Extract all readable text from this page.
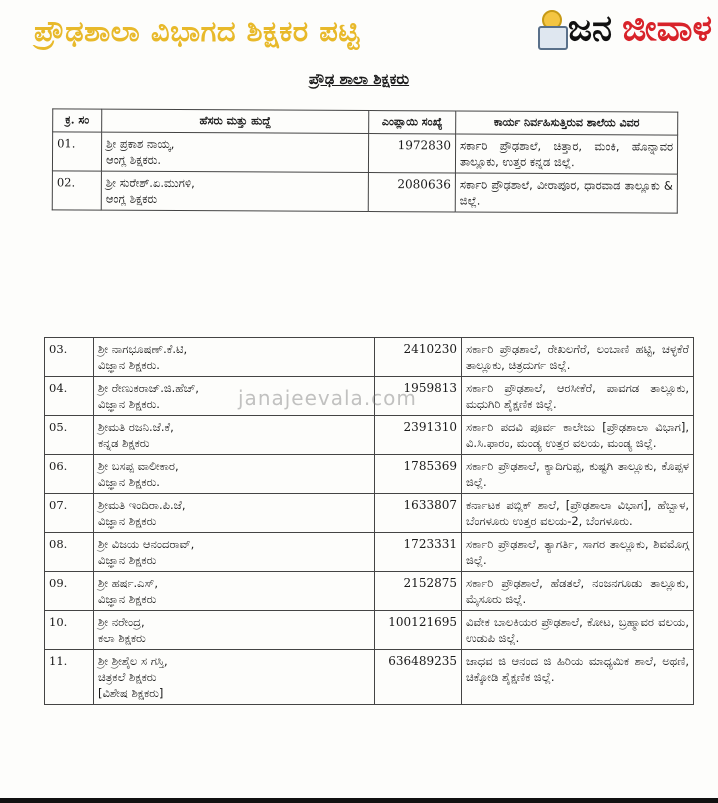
ಪ್ರೌಢಶಾಲಾ ವಿಭಾಗದ ಶಿಕ್ಷಕರ ಪಟ್ಟಿ	ಜನ ಜೀವಾಳ
ಪ್ರೌಢ ಶಾಲಾ ಶಿಕ್ಷಕರು
ಕ್ರ. ಸಂ	ಹೆಸರು ಮತ್ತು ಹುದ್ದೆ	ಎಂಪ್ಲಾಯಿ ಸಂಖ್ಯೆ	ಕಾರ್ಯ ನಿರ್ವಹಿಸುತ್ತಿರುವ ಶಾಲೆಯ ವಿವರ
01.	ಶ್ರೀ ಪ್ರಕಾಶ ನಾಯ್ಕ,
ಆಂಗ್ಲ ಶಿಕ್ಷಕರು.	1972830	ಸರ್ಕಾರಿ ಪ್ರೌಢಶಾಲೆ, ಚಿತ್ತಾರ, ಮಂಕಿ, ಹೊನ್ನಾವರ ತಾಲ್ಲೂಕು, ಉತ್ತರ ಕನ್ನಡ ಜಿಲ್ಲೆ.
02.	ಶ್ರೀ ಸುರೇಶ್.ಏ.ಮುಗಳಿ,
ಆಂಗ್ಲ ಶಿಕ್ಷಕರು	2080636	ಸರ್ಕಾರಿ ಪ್ರೌಢಶಾಲೆ, ವೀರಾಪೂರ, ಧಾರವಾಡ ತಾಲ್ಲೂಕು & ಜಿಲ್ಲೆ.
03.	ಶ್ರೀ ನಾಗಭೂಷಣ್.ಕೆ.ಟಿ,
ವಿಜ್ಞಾನ ಶಿಕ್ಷಕರು.	2410230	ಸರ್ಕಾರಿ ಪ್ರೌಢಶಾಲೆ, ರೇಖಲಗೆರೆ, ಲಂಬಾಣಿ ಹಟ್ಟಿ, ಚಳ್ಳಕೆರೆ ತಾಲ್ಲೂಕು, ಚಿತ್ರದುರ್ಗ ಜಿಲ್ಲೆ.
04.	ಶ್ರೀ ರೇಣುಕರಾಜ್.ಜಿ.ಹೆಚ್,
ವಿಜ್ಞಾನ ಶಿಕ್ಷಕರು.	1959813	ಸರ್ಕಾರಿ ಪ್ರೌಢಶಾಲೆ, ಆರಸೀಕೆರೆ, ಪಾವಗಡ ತಾಲ್ಲೂಕು, ಮಧುಗಿರಿ ಶೈಕ್ಷಣಿಕ ಜಿಲ್ಲೆ.
05.	ಶ್ರೀಮತಿ ರಜನಿ.ಜೆ.ಕೆ,
ಕನ್ನಡ ಶಿಕ್ಷಕರು	2391310	ಸರ್ಕಾರಿ ಪದವಿ ಪೂರ್ವ ಕಾಲೇಜು [ಪ್ರೌಢಶಾಲಾ ವಿಭಾಗ], ವಿ.ಸಿ.ಫಾರಂ, ಮಂಡ್ಯ ಉತ್ತರ ವಲಯ, ಮಂಡ್ಯ ಜಿಲ್ಲೆ.
06.	ಶ್ರೀ ಬಸಪ್ಪ ವಾಲೀಕಾರ,
ವಿಜ್ಞಾನ ಶಿಕ್ಷಕರು.	1785369	ಸರ್ಕಾರಿ ಪ್ರೌಢಶಾಲೆ, ಕ್ಯಾದಿಗುಪ್ಪ, ಕುಷ್ಟಗಿ ತಾಲ್ಲೂಕು, ಕೊಪ್ಪಳ ಜಿಲ್ಲೆ.
07.	ಶ್ರೀಮತಿ ಇಂದಿರಾ.ಪಿ.ಜೆ,
ವಿಜ್ಞಾನ ಶಿಕ್ಷಕರು	1633807	ಕರ್ನಾಟಕ ಪಬ್ಲಿಕ್ ಶಾಲೆ, [ಪ್ರೌಢಶಾಲಾ ವಿಭಾಗ], ಹೆಬ್ಬಾಳ, ಬೆಂಗಳೂರು ಉತ್ತರ ವಲಯ-2, ಬೆಂಗಳೂರು.
08.	ಶ್ರೀ ವಿಜಯ ಆನಂದರಾವ್,
ವಿಜ್ಞಾನ ಶಿಕ್ಷಕರು	1723331	ಸರ್ಕಾರಿ ಪ್ರೌಢಶಾಲೆ, ತ್ಯಾಗರ್ತಿ, ಸಾಗರ ತಾಲ್ಲೂಕು, ಶಿವಮೊಗ್ಗ ಜಿಲ್ಲೆ.
09.	ಶ್ರೀ ಹರ್ಷ.ಎಸ್,
ವಿಜ್ಞಾನ ಶಿಕ್ಷಕರು	2152875	ಸರ್ಕಾರಿ ಪ್ರೌಢಶಾಲೆ, ಹೆಡತಲೆ, ನಂಜನಗೂಡು ತಾಲ್ಲೂಕು, ಮೈಸೂರು ಜಿಲ್ಲೆ.
10.	ಶ್ರೀ ನರೇಂದ್ರ,
ಕಲಾ ಶಿಕ್ಷಕರು	100121695	ವಿವೇಕ ಬಾಲಕಿಯರ ಪ್ರೌಢಶಾಲೆ, ಕೋಟ, ಬ್ರಹ್ಮಾವರ ವಲಯ, ಉಡುಪಿ ಜಿಲ್ಲೆ.
11.	ಶ್ರೀ ಶ್ರೀಶೈಲ ಸ ಗಸ್ತಿ,
ಚಿತ್ರಕಲೆ ಶಿಕ್ಷಕರು
[ವಿಶೇಷ ಶಿಕ್ಷಕರು]	636489235	ಜಾಧವ ಜಿ ಆನಂದ ಜಿ ಹಿರಿಯ ಮಾಧ್ಯಮಿಕ ಶಾಲೆ, ಅಥಣಿ, ಚಿಕ್ಕೋಡಿ ಶೈಕ್ಷಣಿಕ ಜಿಲ್ಲೆ.
janajeevala.com
